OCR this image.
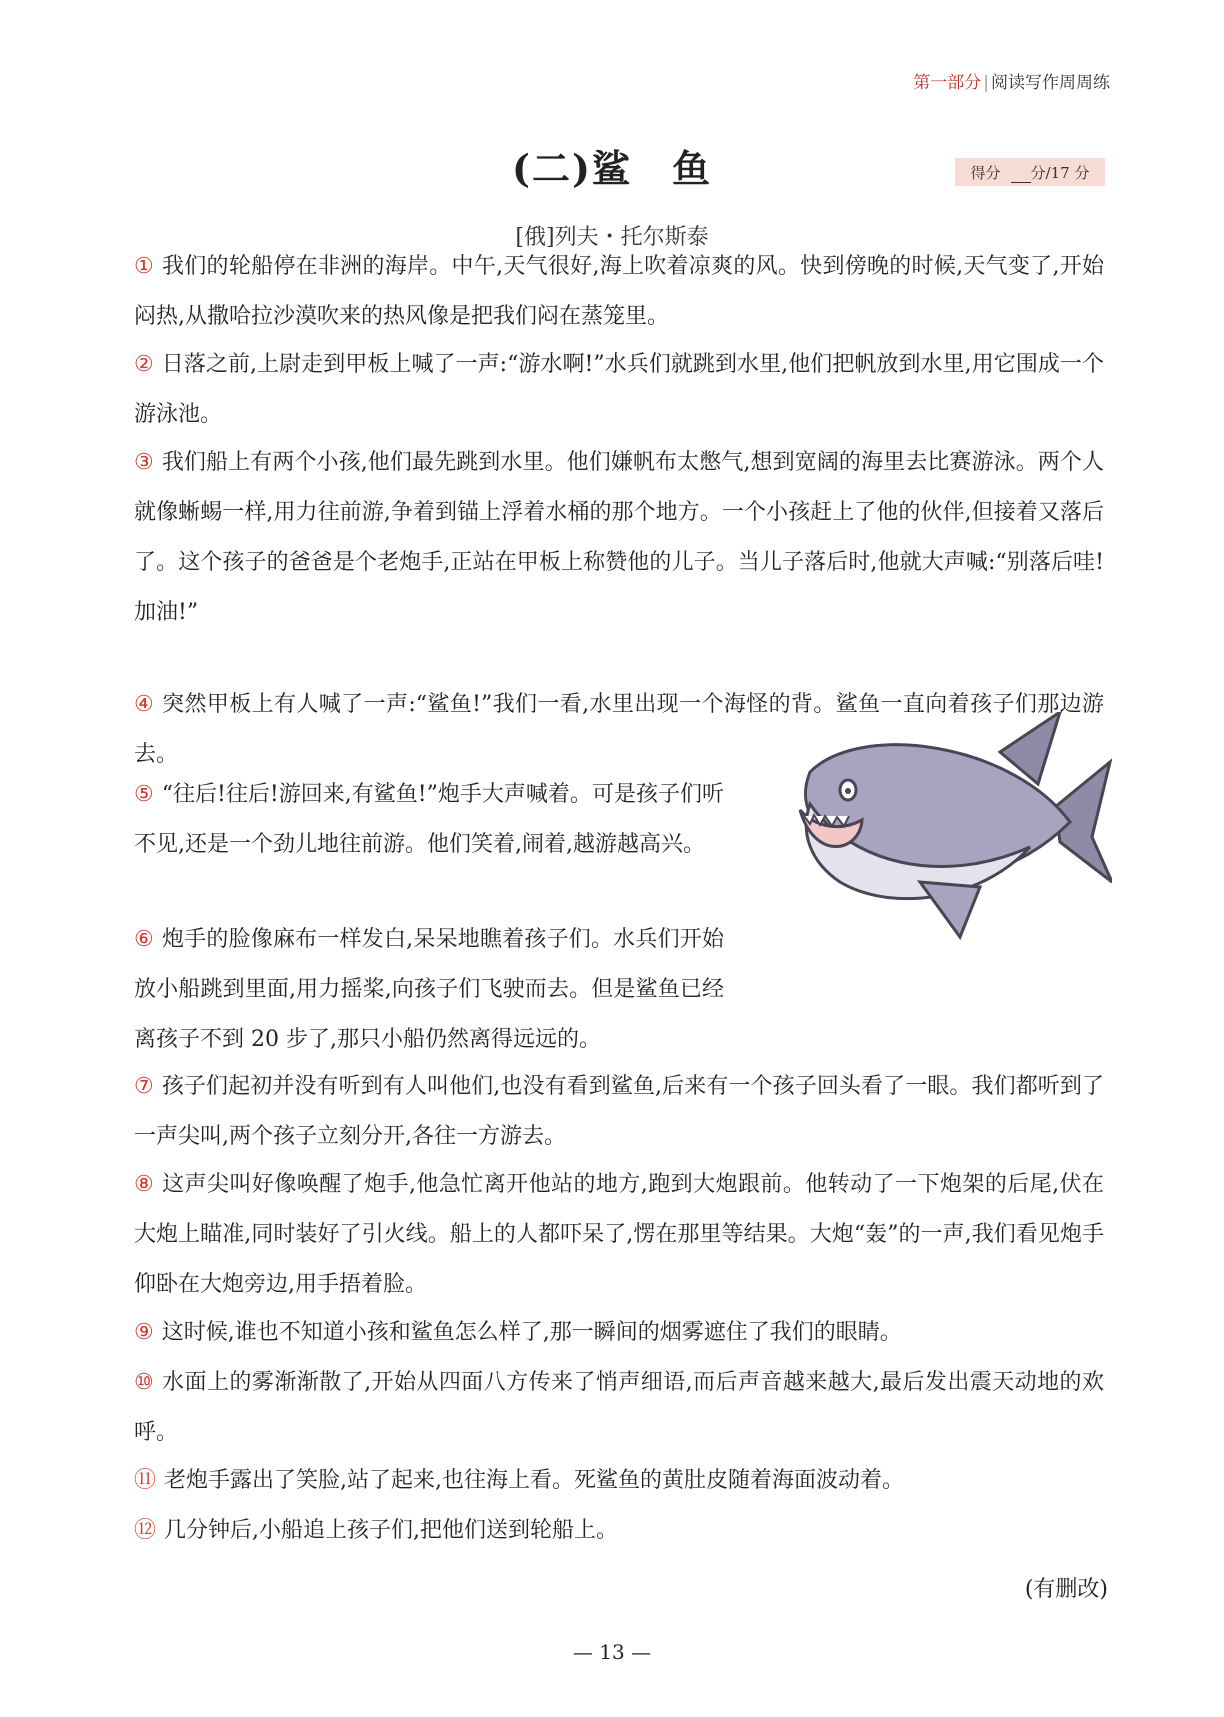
第一部分 | 阅读写作周周练
(二)鲨　鱼	得分	分/17 分
[俄]列夫・托尔斯泰

① 我们的轮船停在非洲的海岸。中午,天气很好,海上吹着凉爽的风。快到傍晚的时候,天气变了,开始闷热,从撒哈拉沙漠吹来的热风像是把我们闷在蒸笼里。

② 日落之前,上尉走到甲板上喊了一声:“游水啊!”水兵们就跳到水里,他们把帆放到水里,用它围成一个游泳池。

③ 我们船上有两个小孩,他们最先跳到水里。他们嫌帆布太憋气,想到宽阔的海里去比赛游泳。两个人就像蜥蜴一样,用力往前游,争着到锚上浮着水桶的那个地方。一个小孩赶上了他的伙伴,但接着又落后了。这个孩子的爸爸是个老炮手,正站在甲板上称赞他的儿子。当儿子落后时,他就大声喊:“别落后哇!加油!”

④ 突然甲板上有人喊了一声:“鲨鱼!”我们一看,水里出现一个海怪的背。鲨鱼一直向着孩子们那边游去。

⑤ “往后!往后!游回来,有鲨鱼!”炮手大声喊着。可是孩子们听不见,还是一个劲儿地往前游。他们笑着,闹着,越游越高兴。

⑥ 炮手的脸像麻布一样发白,呆呆地瞧着孩子们。水兵们开始放小船跳到里面,用力摇桨,向孩子们飞驶而去。但是鲨鱼已经离孩子不到 20 步了,那只小船仍然离得远远的。

⑦ 孩子们起初并没有听到有人叫他们,也没有看到鲨鱼,后来有一个孩子回头看了一眼。我们都听到了一声尖叫,两个孩子立刻分开,各往一方游去。

⑧ 这声尖叫好像唤醒了炮手,他急忙离开他站的地方,跑到大炮跟前。他转动了一下炮架的后尾,伏在大炮上瞄准,同时装好了引火线。船上的人都吓呆了,愣在那里等结果。大炮“轰”的一声,我们看见炮手仰卧在大炮旁边,用手捂着脸。

⑨ 这时候,谁也不知道小孩和鲨鱼怎么样了,那一瞬间的烟雾遮住了我们的眼睛。

⑩ 水面上的雾渐渐散了,开始从四面八方传来了悄声细语,而后声音越来越大,最后发出震天动地的欢呼。

⑪ 老炮手露出了笑脸,站了起来,也往海上看。死鲨鱼的黄肚皮随着海面波动着。

⑫ 几分钟后,小船追上孩子们,把他们送到轮船上。

(有删改)
— 13 —
